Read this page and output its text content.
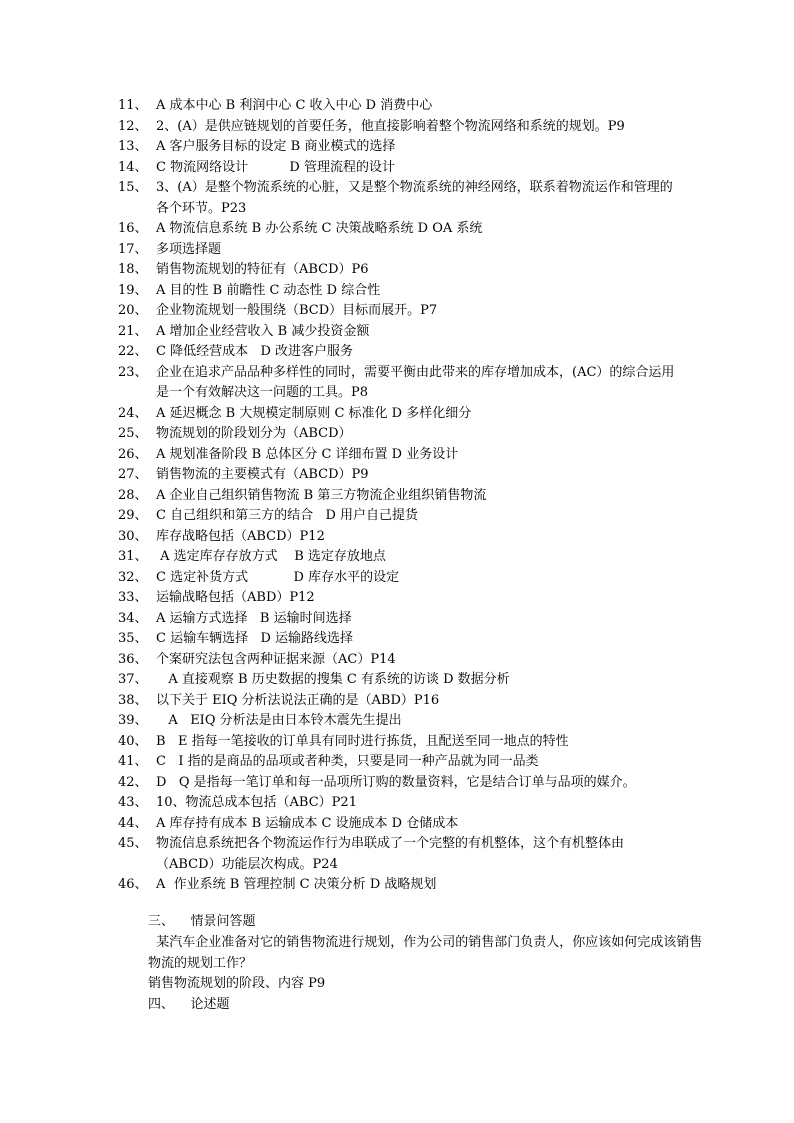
11、 A 成本中心 B 利润中心 C 收入中心 D 消费中心
12、 2、(A）是供应链规划的首要任务，他直接影响着整个物流网络和系统的规划。P9
13、 A 客户服务目标的设定 B 商业模式的选择
14、 C 物流网络设计          D 管理流程的设计
15、 3、(A）是整个物流系统的心脏，又是整个物流系统的神经网络，联系着物流运作和管理的各个环节。P23
16、 A 物流信息系统 B 办公系统 C 决策战略系统 D OA 系统
17、 多项选择题
18、 销售物流规划的特征有（ABCD）P6
19、 A 目的性 B 前瞻性 C 动态性 D 综合性
20、 企业物流规划一般围绕（BCD）目标而展开。P7
21、 A 增加企业经营收入 B 减少投资金额
22、 C 降低经营成本   D 改进客户服务
23、 企业在追求产品品种多样性的同时，需要平衡由此带来的库存增加成本，(AC）的综合运用是一个有效解决这一问题的工具。P8
24、 A 延迟概念 B 大规模定制原则 C 标准化 D 多样化细分
25、 物流规划的阶段划分为（ABCD）
26、 A 规划准备阶段 B 总体区分 C 详细布置 D 业务设计
27、 销售物流的主要模式有（ABCD）P9
28、 A 企业自己组织销售物流 B 第三方物流企业组织销售物流
29、 C 自己组织和第三方的结合   D 用户自己提货
30、 库存战略包括（ABCD）P12
31、 A 选定库存存放方式    B 选定存放地点
32、 C 选定补货方式           D 库存水平的设定
33、 运输战略包括（ABD）P12
34、 A 运输方式选择   B 运输时间选择
35、 C 运输车辆选择   D 运输路线选择
36、 个案研究法包含两种证据来源（AC）P14
37、 A 直接观察 B 历史数据的搜集 C 有系统的访谈 D 数据分析
38、 以下关于 EIQ 分析法说法正确的是（ABD）P16
39、 A   EIQ 分析法是由日本铃木震先生提出
40、 B   E 指每一笔接收的订单具有同时进行拣货，且配送至同一地点的特性
41、 C   I 指的是商品的品项或者种类，只要是同一种产品就为同一品类
42、 D   Q 是指每一笔订单和每一品项所订购的数量资料，它是结合订单与品项的媒介。
43、 10、物流总成本包括（ABC）P21
44、 A 库存持有成本 B 运输成本 C 设施成本 D 仓储成本
45、 物流信息系统把各个物流运作行为串联成了一个完整的有机整体，这个有机整体由（ABCD）功能层次构成。P24
46、 A  作业系统 B 管理控制 C 决策分析 D 战略规划
三、    情景问答题
某汽车企业准备对它的销售物流进行规划，作为公司的销售部门负责人，你应该如何完成该销售物流的规划工作？
销售物流规划的阶段、内容 P9
四、    论述题
